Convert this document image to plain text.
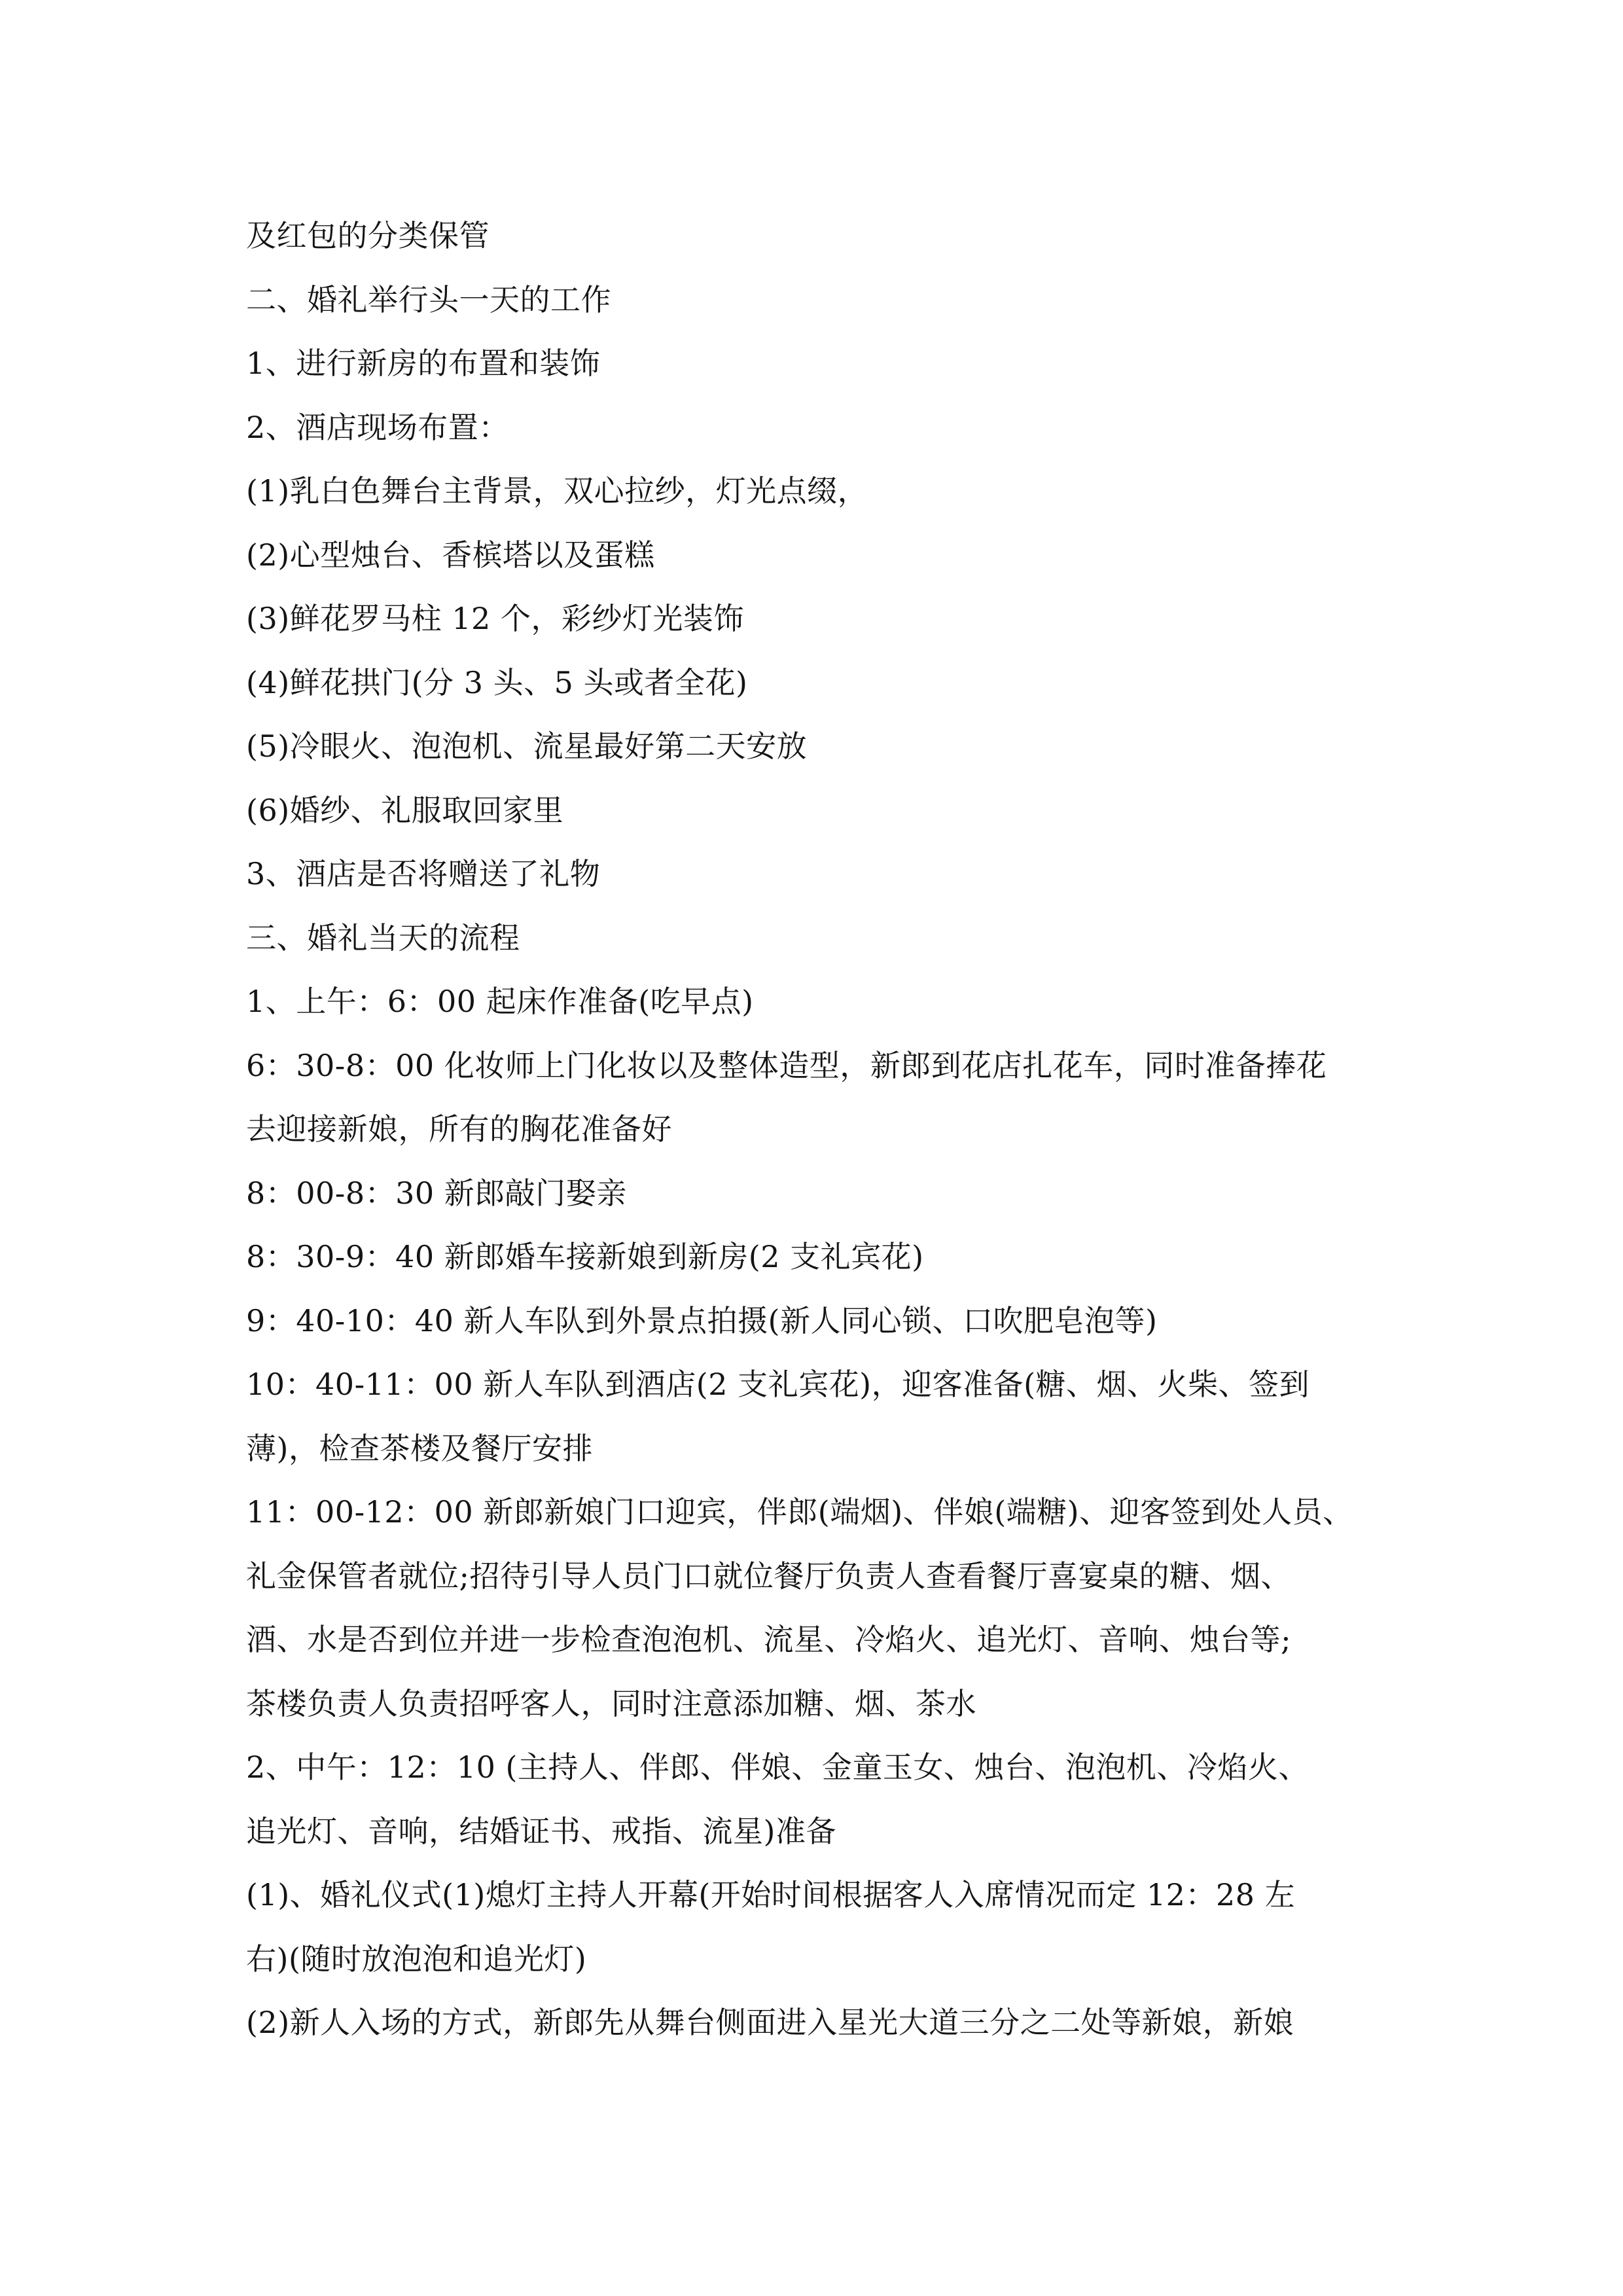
及红包的分类保管
二、婚礼举行头一天的工作
1、进行新房的布置和装饰
2、酒店现场布置：
(1)乳白色舞台主背景，双心拉纱，灯光点缀，
(2)心型烛台、香槟塔以及蛋糕
(3)鲜花罗马柱 12 个，彩纱灯光装饰
(4)鲜花拱门(分 3 头、5 头或者全花)
(5)冷眼火、泡泡机、流星最好第二天安放
(6)婚纱、礼服取回家里
3、酒店是否将赠送了礼物
三、婚礼当天的流程
1、上午：6：00 起床作准备(吃早点)
6：30-8：00 化妆师上门化妆以及整体造型，新郎到花店扎花车，同时准备捧花
去迎接新娘，所有的胸花准备好
8：00-8：30 新郎敲门娶亲
8：30-9：40 新郎婚车接新娘到新房(2 支礼宾花)
9：40-10：40 新人车队到外景点拍摄(新人同心锁、口吹肥皂泡等)
10：40-11：00 新人车队到酒店(2 支礼宾花)，迎客准备(糖、烟、火柴、签到
薄)，检查茶楼及餐厅安排
11：00-12：00 新郎新娘门口迎宾，伴郎(端烟)、伴娘(端糖)、迎客签到处人员、
礼金保管者就位;招待引导人员门口就位餐厅负责人查看餐厅喜宴桌的糖、烟、
酒、水是否到位并进一步检查泡泡机、流星、冷焰火、追光灯、音响、烛台等;
茶楼负责人负责招呼客人，同时注意添加糖、烟、茶水
2、中午：12：10 (主持人、伴郎、伴娘、金童玉女、烛台、泡泡机、冷焰火、
追光灯、音响，结婚证书、戒指、流星)准备
(1)、婚礼仪式(1)熄灯主持人开幕(开始时间根据客人入席情况而定 12：28 左
右)(随时放泡泡和追光灯)
(2)新人入场的方式，新郎先从舞台侧面进入星光大道三分之二处等新娘，新娘
